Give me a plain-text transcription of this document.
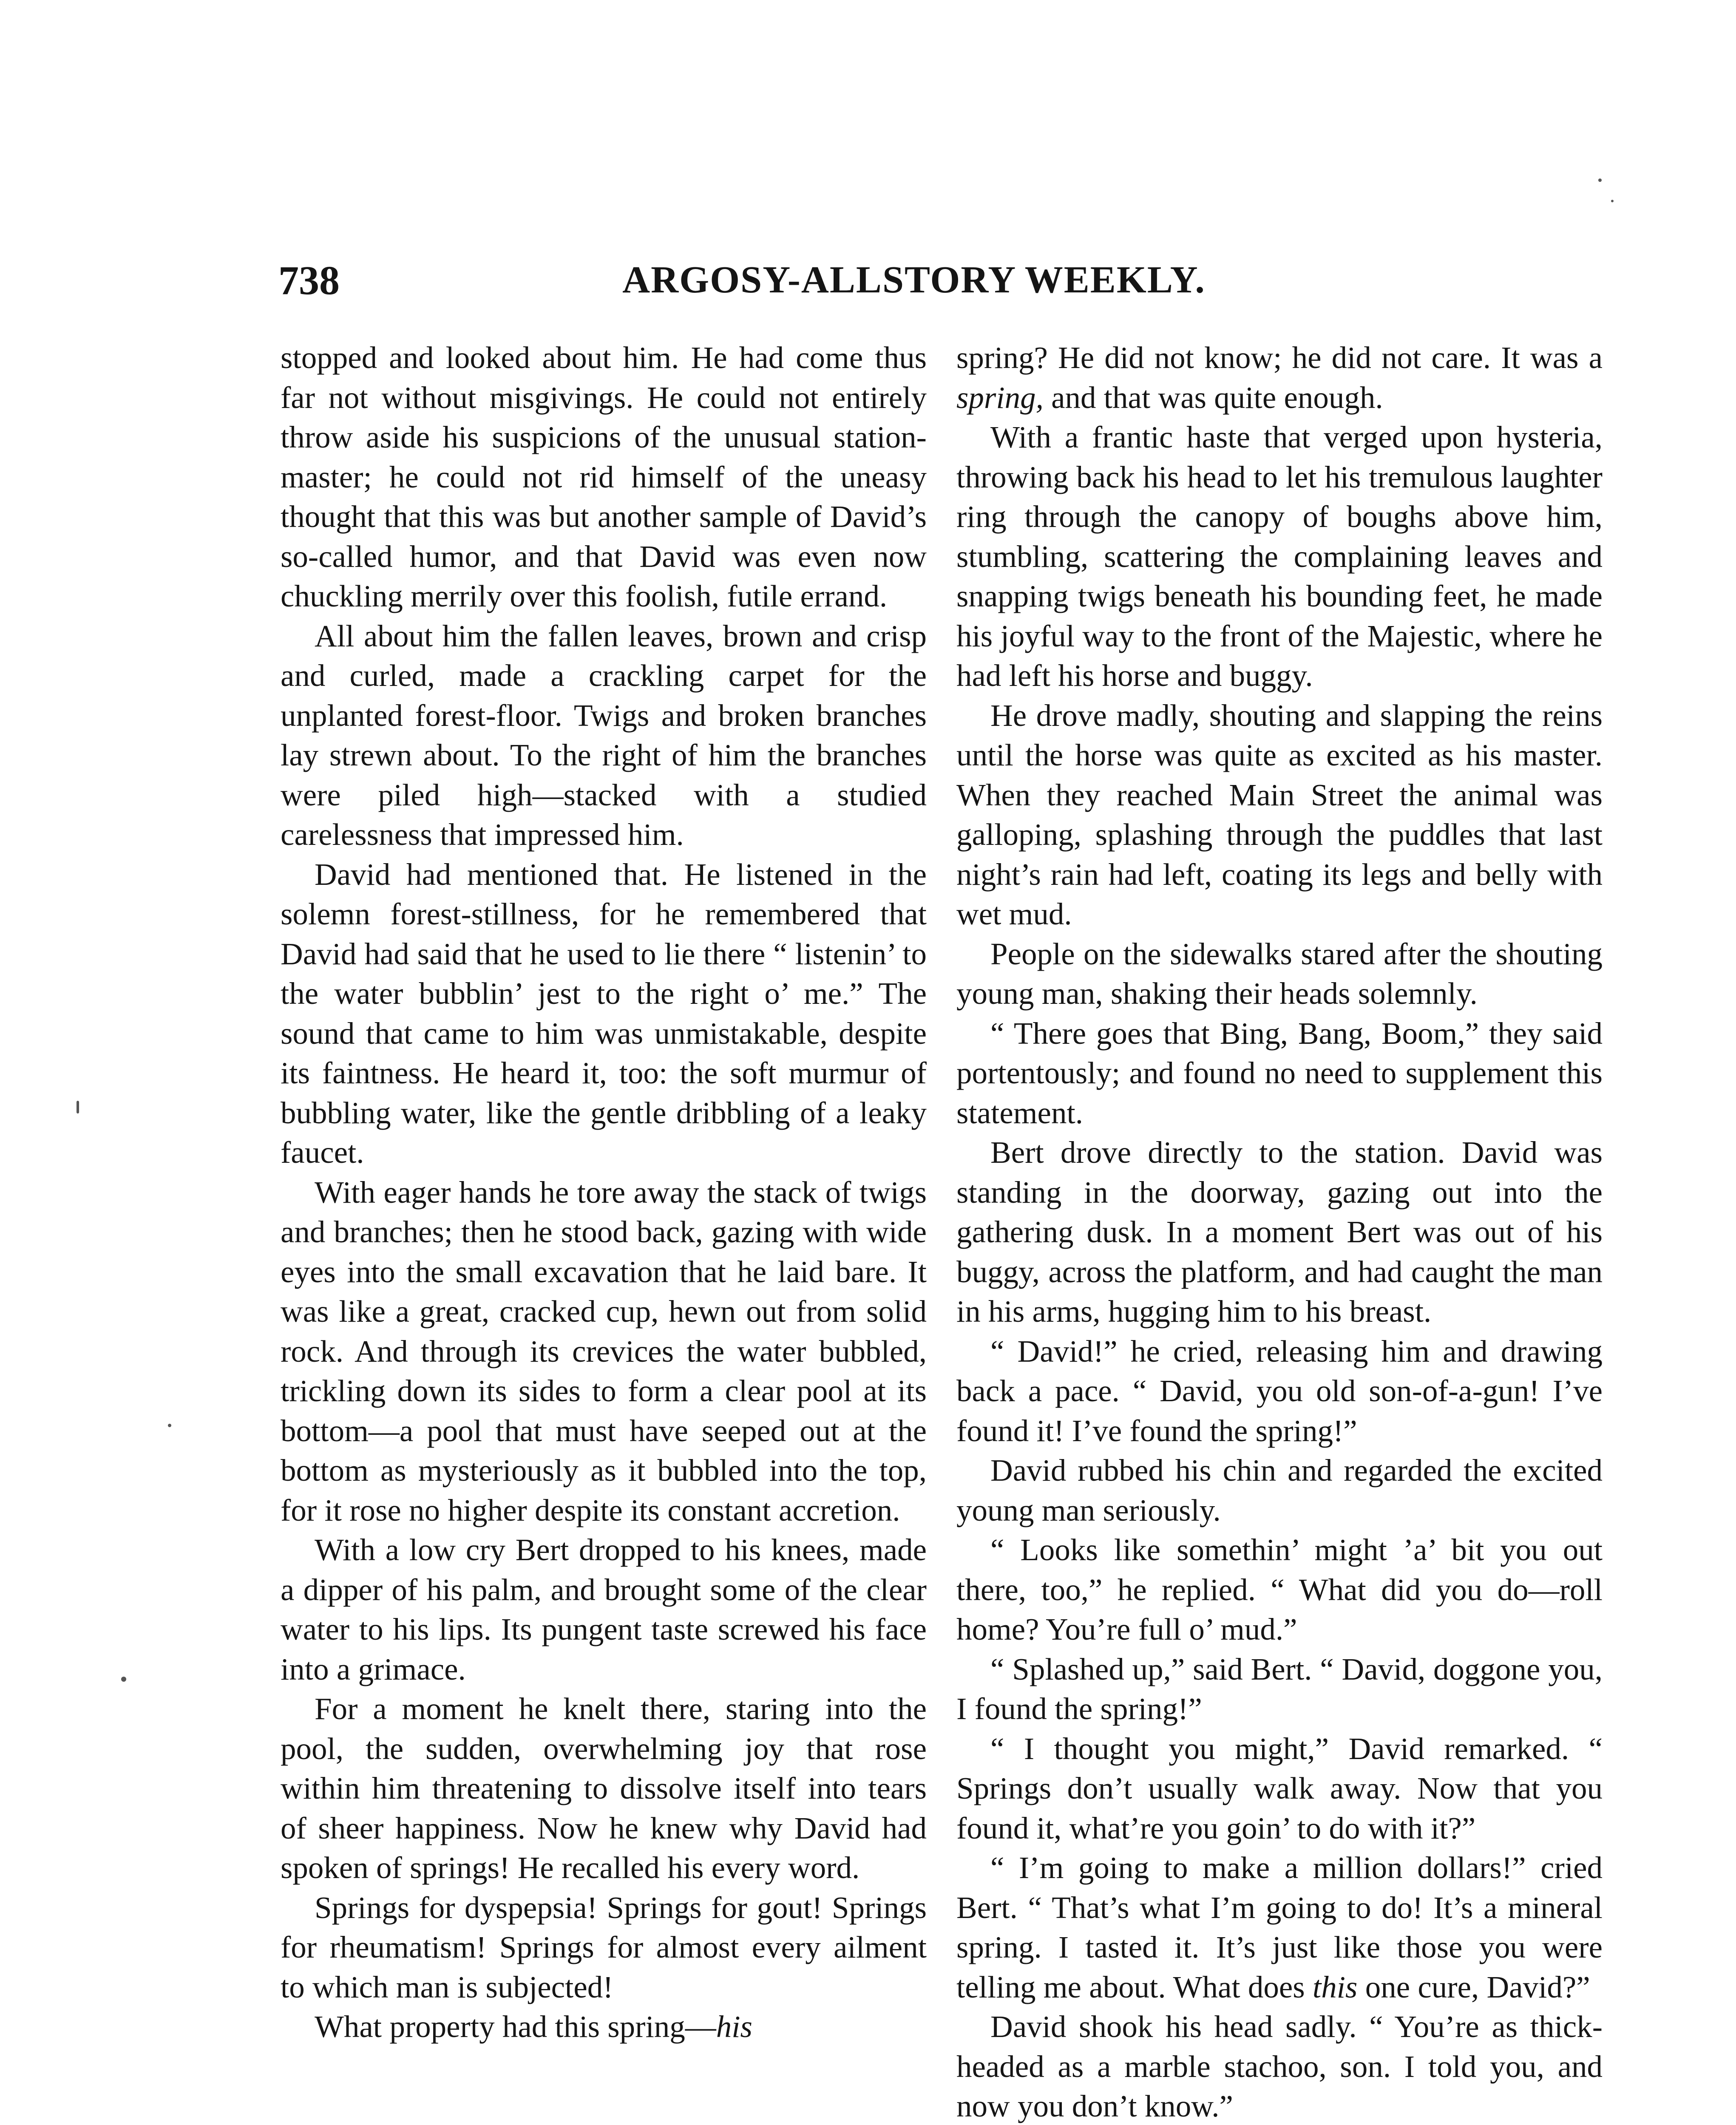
738	ARGOSY-ALLSTORY WEEKLY.

stopped and looked about him. He had come thus far not without misgivings. He could not entirely throw aside his suspicions of the unusual station-master; he could not rid himself of the uneasy thought that this was but another sample of David’s so-called humor, and that David was even now chuckling merrily over this foolish, futile errand.

All about him the fallen leaves, brown and crisp and curled, made a crackling carpet for the unplanted forest-floor. Twigs and broken branches lay strewn about. To the right of him the branches were piled high—stacked with a studied carelessness that impressed him.

David had mentioned that. He listened in the solemn forest-stillness, for he remembered that David had said that he used to lie there “ listenin’ to the water bubblin’ jest to the right o’ me.” The sound that came to him was unmistakable, despite its faintness. He heard it, too: the soft murmur of bubbling water, like the gentle dribbling of a leaky faucet.

With eager hands he tore away the stack of twigs and branches; then he stood back, gazing with wide eyes into the small excavation that he laid bare. It was like a great, cracked cup, hewn out from solid rock. And through its crevices the water bubbled, trickling down its sides to form a clear pool at its bottom—a pool that must have seeped out at the bottom as mysteriously as it bubbled into the top, for it rose no higher despite its constant accretion.

With a low cry Bert dropped to his knees, made a dipper of his palm, and brought some of the clear water to his lips. Its pungent taste screwed his face into a grimace.

For a moment he knelt there, staring into the pool, the sudden, overwhelming joy that rose within him threatening to dissolve itself into tears of sheer happiness. Now he knew why David had spoken of springs! He recalled his every word.

Springs for dyspepsia! Springs for gout! Springs for rheumatism! Springs for almost every ailment to which man is subjected!

What property had this spring—his

spring? He did not know; he did not care. It was a spring, and that was quite enough.

With a frantic haste that verged upon hysteria, throwing back his head to let his tremulous laughter ring through the canopy of boughs above him, stumbling, scattering the complaining leaves and snapping twigs beneath his bounding feet, he made his joyful way to the front of the Majestic, where he had left his horse and buggy.

He drove madly, shouting and slapping the reins until the horse was quite as excited as his master. When they reached Main Street the animal was galloping, splashing through the puddles that last night’s rain had left, coating its legs and belly with wet mud.

People on the sidewalks stared after the shouting young man, shaking their heads solemnly.

“ There goes that Bing, Bang, Boom,” they said portentously; and found no need to supplement this statement.

Bert drove directly to the station. David was standing in the doorway, gazing out into the gathering dusk. In a moment Bert was out of his buggy, across the platform, and had caught the man in his arms, hugging him to his breast.

“ David!” he cried, releasing him and drawing back a pace. “ David, you old son-of-a-gun! I’ve found it! I’ve found the spring!”

David rubbed his chin and regarded the excited young man seriously.

“ Looks like somethin’ might ’a’ bit you out there, too,” he replied. “ What did you do—roll home? You’re full o’ mud.”

“ Splashed up,” said Bert. “ David, doggone you, I found the spring!”

“ I thought you might,” David remarked. “ Springs don’t usually walk away. Now that you found it, what’re you goin’ to do with it?”

“ I’m going to make a million dollars!” cried Bert. “ That’s what I’m going to do! It’s a mineral spring. I tasted it. It’s just like those you were telling me about. What does this one cure, David?”

David shook his head sadly. “ You’re as thick-headed as a marble stachoo, son. I told you, and now you don’t know.”
